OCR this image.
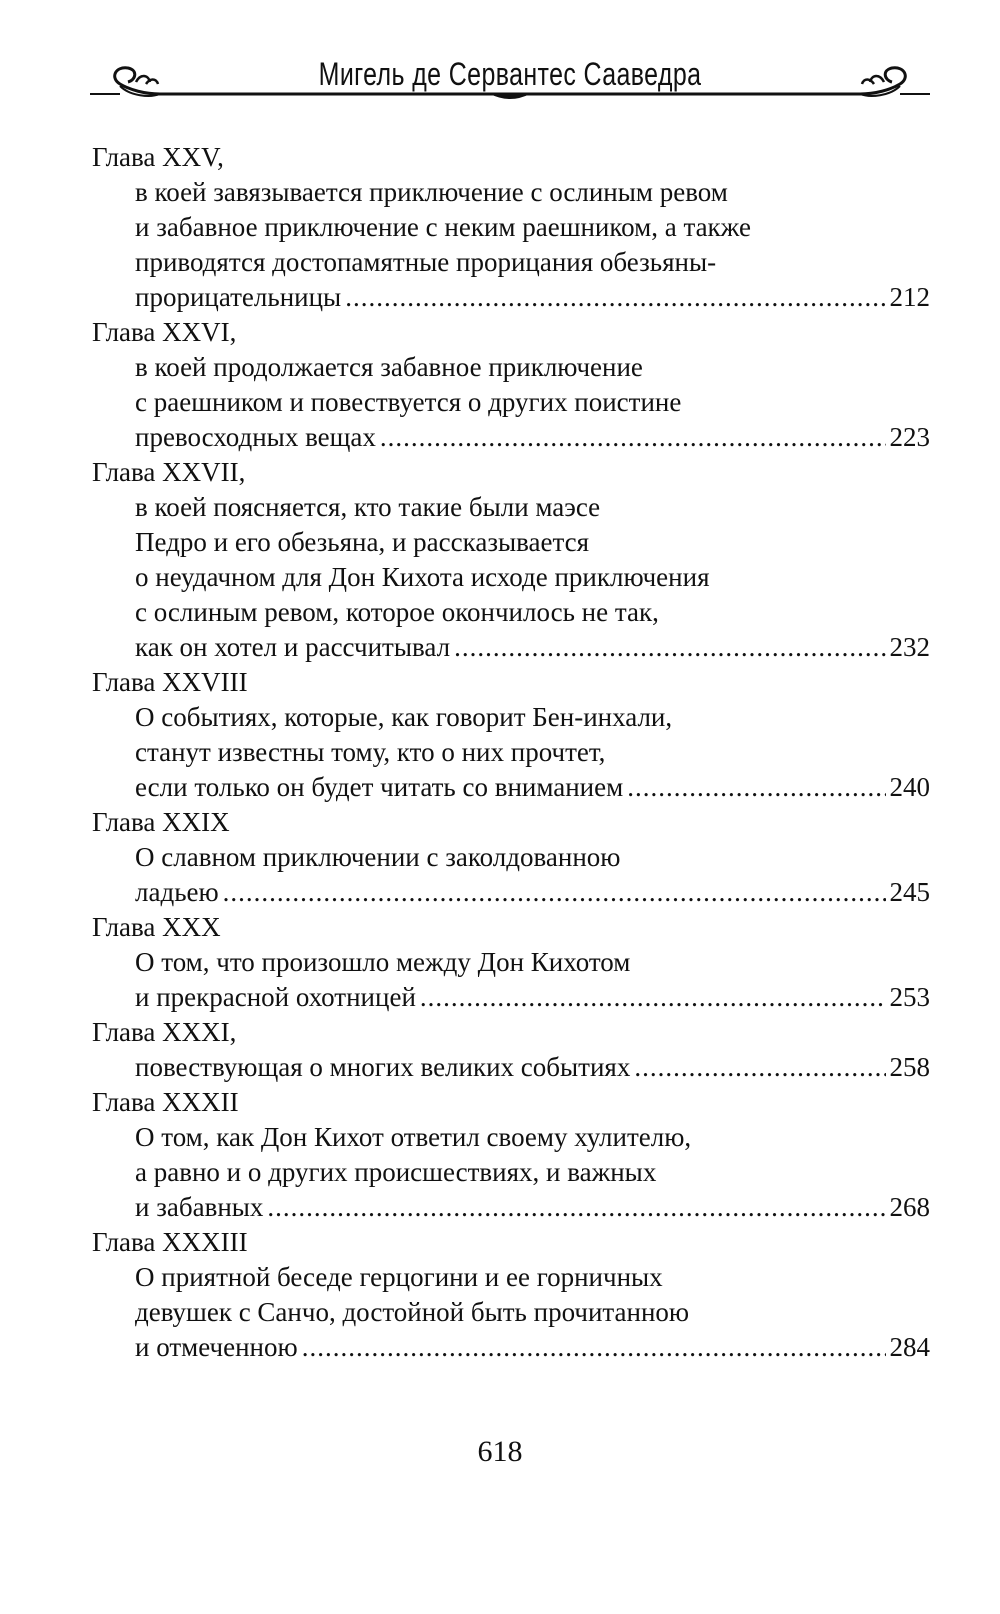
Мигель де Сервантес Сааведра
Глава XXV,
в коей завязывается приключение с ослиным ревом
и забавное приключение с неким раешником, а также
приводятся достопамятные прорицания обезьяны-
прорицательницы .....	212
Глава XXVI,
в коей продолжается забавное приключение
с раешником и повествуется о других поистине
превосходных вещах .....	223
Глава XXVII,
в коей поясняется, кто такие были маэсе
Педро и его обезьяна, и рассказывается
о неудачном для Дон Кихота исходе приключения
с ослиным ревом, которое окончилось не так,
как он хотел и рассчитывал .....	232
Глава XXVIII
О событиях, которые, как говорит Бен-инхали,
станут известны тому, кто о них прочтет,
если только он будет читать со вниманием .....	240
Глава XXIX
О славном приключении с заколдованною
ладьею .....	245
Глава XXX
О том, что произошло между Дон Кихотом
и прекрасной охотницей .....	253
Глава XXXI,
повествующая о многих великих событиях .....	258
Глава XXXII
О том, как Дон Кихот ответил своему хулителю,
а равно и о других происшествиях, и важных
и забавных .....	268
Глава XXXIII
О приятной беседе герцогини и ее горничных
девушек с Санчо, достойной быть прочитанною
и отмеченною .....	284
618
